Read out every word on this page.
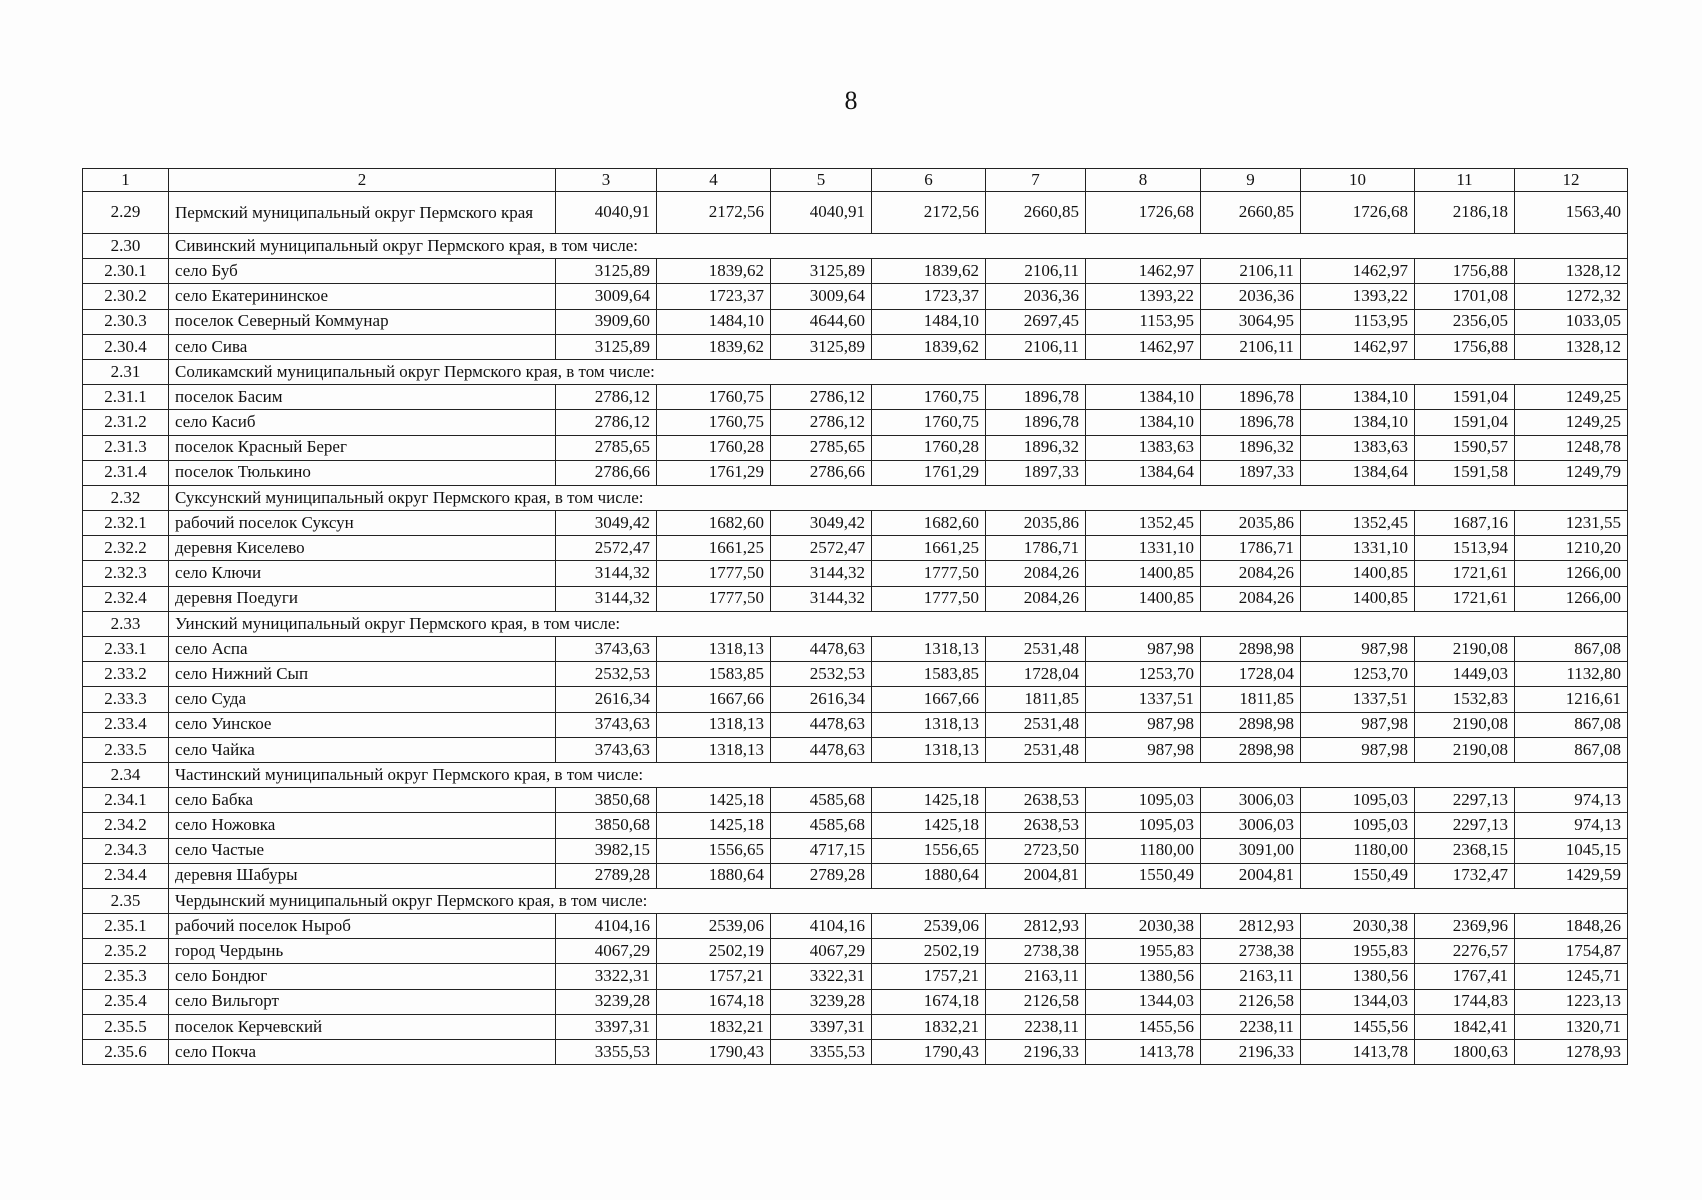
8
1	2	3	4	5	6	7	8	9	10	11	12
2.29	Пермский муниципальный округ Пермского края	4040,91	2172,56	4040,91	2172,56	2660,85	1726,68	2660,85	1726,68	2186,18	1563,40
2.30	Сивинский муниципальный округ Пермского края, в том числе:										
2.30.1	село Буб	3125,89	1839,62	3125,89	1839,62	2106,11	1462,97	2106,11	1462,97	1756,88	1328,12
2.30.2	село Екатерининское	3009,64	1723,37	3009,64	1723,37	2036,36	1393,22	2036,36	1393,22	1701,08	1272,32
2.30.3	поселок Северный Коммунар	3909,60	1484,10	4644,60	1484,10	2697,45	1153,95	3064,95	1153,95	2356,05	1033,05
2.30.4	село Сива	3125,89	1839,62	3125,89	1839,62	2106,11	1462,97	2106,11	1462,97	1756,88	1328,12
2.31	Соликамский муниципальный округ Пермского края, в том числе:										
2.31.1	поселок Басим	2786,12	1760,75	2786,12	1760,75	1896,78	1384,10	1896,78	1384,10	1591,04	1249,25
2.31.2	село Касиб	2786,12	1760,75	2786,12	1760,75	1896,78	1384,10	1896,78	1384,10	1591,04	1249,25
2.31.3	поселок Красный Берег	2785,65	1760,28	2785,65	1760,28	1896,32	1383,63	1896,32	1383,63	1590,57	1248,78
2.31.4	поселок Тюлькино	2786,66	1761,29	2786,66	1761,29	1897,33	1384,64	1897,33	1384,64	1591,58	1249,79
2.32	Суксунский муниципальный округ Пермского края, в том числе:										
2.32.1	рабочий поселок Суксун	3049,42	1682,60	3049,42	1682,60	2035,86	1352,45	2035,86	1352,45	1687,16	1231,55
2.32.2	деревня Киселево	2572,47	1661,25	2572,47	1661,25	1786,71	1331,10	1786,71	1331,10	1513,94	1210,20
2.32.3	село Ключи	3144,32	1777,50	3144,32	1777,50	2084,26	1400,85	2084,26	1400,85	1721,61	1266,00
2.32.4	деревня Поедуги	3144,32	1777,50	3144,32	1777,50	2084,26	1400,85	2084,26	1400,85	1721,61	1266,00
2.33	Уинский муниципальный округ Пермского края, в том числе:										
2.33.1	село Аспа	3743,63	1318,13	4478,63	1318,13	2531,48	987,98	2898,98	987,98	2190,08	867,08
2.33.2	село Нижний Сып	2532,53	1583,85	2532,53	1583,85	1728,04	1253,70	1728,04	1253,70	1449,03	1132,80
2.33.3	село Суда	2616,34	1667,66	2616,34	1667,66	1811,85	1337,51	1811,85	1337,51	1532,83	1216,61
2.33.4	село Уинское	3743,63	1318,13	4478,63	1318,13	2531,48	987,98	2898,98	987,98	2190,08	867,08
2.33.5	село Чайка	3743,63	1318,13	4478,63	1318,13	2531,48	987,98	2898,98	987,98	2190,08	867,08
2.34	Частинский муниципальный округ Пермского края, в том числе:										
2.34.1	село Бабка	3850,68	1425,18	4585,68	1425,18	2638,53	1095,03	3006,03	1095,03	2297,13	974,13
2.34.2	село Ножовка	3850,68	1425,18	4585,68	1425,18	2638,53	1095,03	3006,03	1095,03	2297,13	974,13
2.34.3	село Частые	3982,15	1556,65	4717,15	1556,65	2723,50	1180,00	3091,00	1180,00	2368,15	1045,15
2.34.4	деревня Шабуры	2789,28	1880,64	2789,28	1880,64	2004,81	1550,49	2004,81	1550,49	1732,47	1429,59
2.35	Чердынский муниципальный округ Пермского края, в том числе:										
2.35.1	рабочий поселок Ныроб	4104,16	2539,06	4104,16	2539,06	2812,93	2030,38	2812,93	2030,38	2369,96	1848,26
2.35.2	город Чердынь	4067,29	2502,19	4067,29	2502,19	2738,38	1955,83	2738,38	1955,83	2276,57	1754,87
2.35.3	село Бондюг	3322,31	1757,21	3322,31	1757,21	2163,11	1380,56	2163,11	1380,56	1767,41	1245,71
2.35.4	село Вильгорт	3239,28	1674,18	3239,28	1674,18	2126,58	1344,03	2126,58	1344,03	1744,83	1223,13
2.35.5	поселок Керчевский	3397,31	1832,21	3397,31	1832,21	2238,11	1455,56	2238,11	1455,56	1842,41	1320,71
2.35.6	село Покча	3355,53	1790,43	3355,53	1790,43	2196,33	1413,78	2196,33	1413,78	1800,63	1278,93
